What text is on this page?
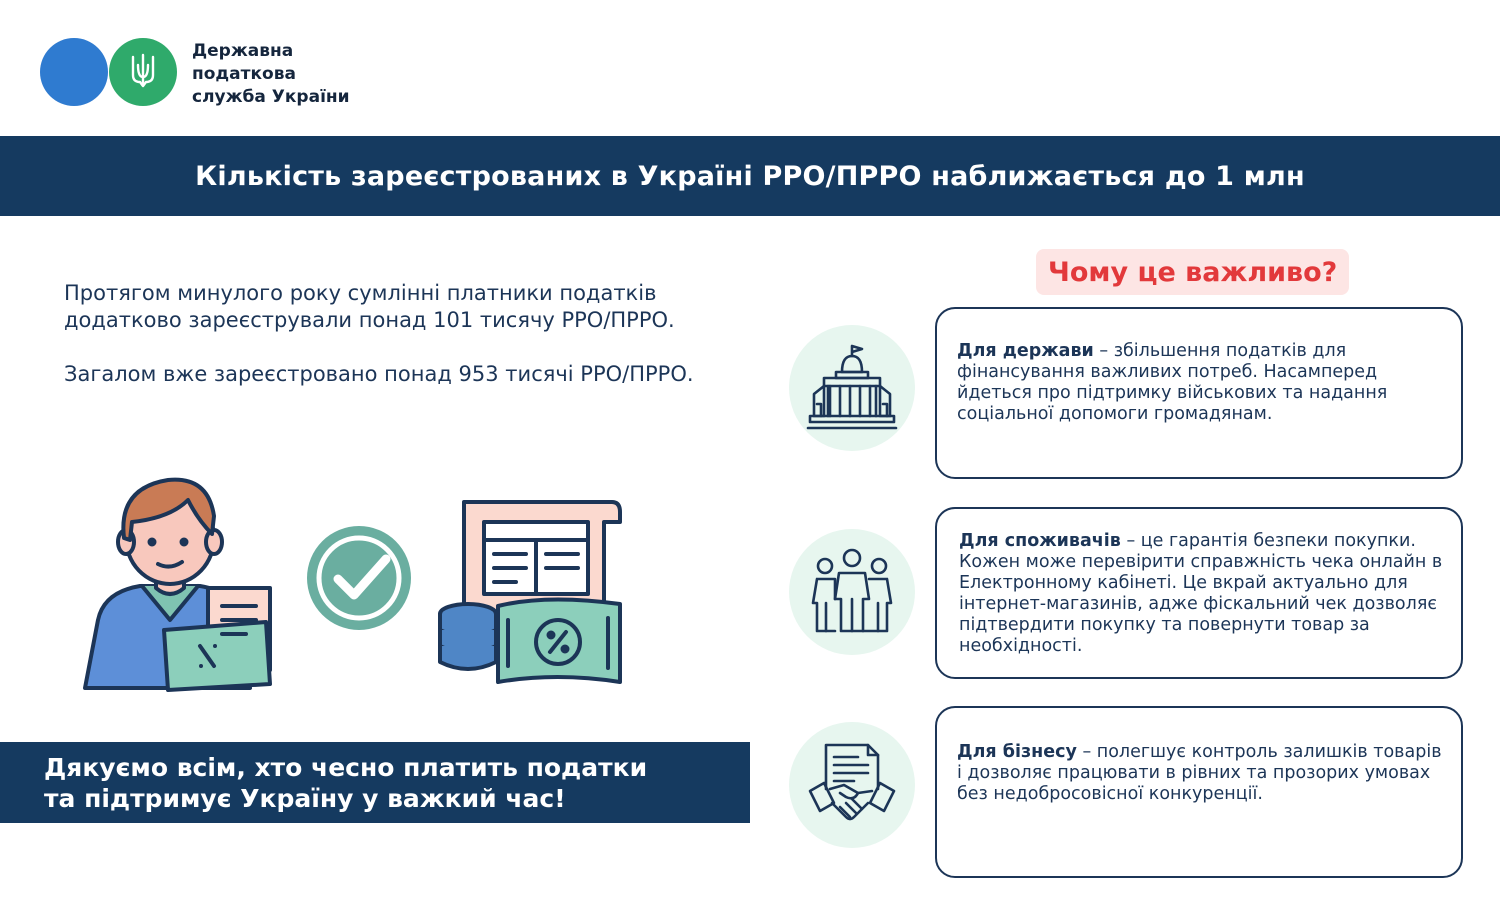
Державна
податкова
служба України
Кількість зареєстрованих в Україні РРО/ПРРО наближається до 1 млн

Протягом минулого року сумлінні платники податків додатково зареєстрували понад 101 тисячу РРО/ПРРО.

Загалом вже зареєстровано понад 953 тисячі РРО/ПРРО.

Дякуємо всім, хто чесно платить податки
та підтримує Україну у важкий час!
Чому це важливо?
Для держави – збільшення податків для фінансування важливих потреб. Насамперед йдеться про підтримку військових та надання соціальної допомоги громадянам.
Для споживачів – це гарантія безпеки покупки. Кожен може перевірити справжність чека онлайн в Електронному кабінеті. Це вкрай актуально для інтернет-магазинів, адже фіскальний чек дозволяє підтвердити покупку та повернути товар за необхідності.
Для бізнесу – полегшує контроль залишків товарів і дозволяє працювати в рівних та прозорих умовах без недобросовісної конкуренції.
